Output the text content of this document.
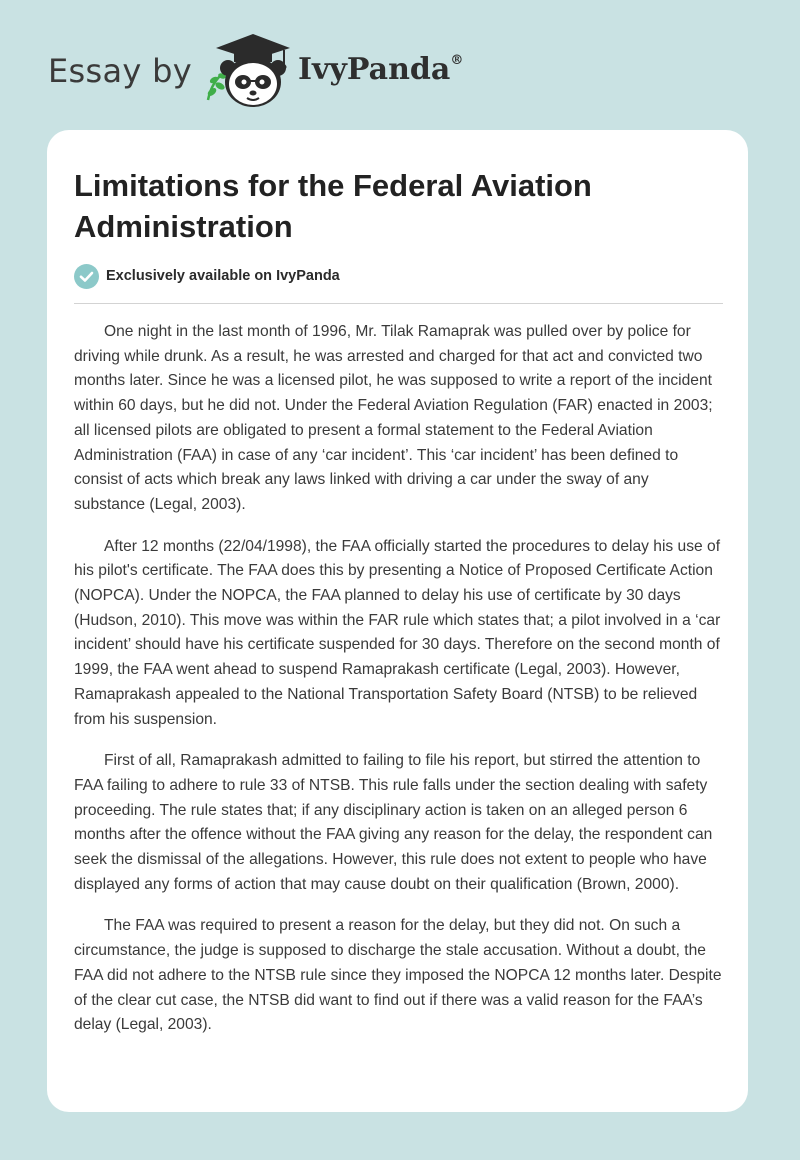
Essay by	IvyPanda®
Limitations for the Federal Aviation Administration
Exclusively available on IvyPanda

One night in the last month of 1996, Mr. Tilak Ramaprak was pulled over by police for driving while drunk. As a result, he was arrested and charged for that act and convicted two months later. Since he was a licensed pilot, he was supposed to write a report of the incident within 60 days, but he did not. Under the Federal Aviation Regulation (FAR) enacted in 2003; all licensed pilots are obligated to present a formal statement to the Federal Aviation Administration (FAA) in case of any ‘car incident’. This ‘car incident’ has been defined to consist of acts which break any laws linked with driving a car under the sway of any substance (Legal, 2003).

After 12 months (22/04/1998), the FAA officially started the procedures to delay his use of his pilot's certificate. The FAA does this by presenting a Notice of Proposed Certificate Action (NOPCA). Under the NOPCA, the FAA planned to delay his use of certificate by 30 days (Hudson, 2010). This move was within the FAR rule which states that; a pilot involved in a ‘car incident’ should have his certificate suspended for 30 days. Therefore on the second month of 1999, the FAA went ahead to suspend Ramaprakash certificate (Legal, 2003). However, Ramaprakash appealed to the National Transportation Safety Board (NTSB) to be relieved from his suspension.

First of all, Ramaprakash admitted to failing to file his report, but stirred the attention to FAA failing to adhere to rule 33 of NTSB. This rule falls under the section dealing with safety proceeding. The rule states that; if any disciplinary action is taken on an alleged person 6 months after the offence without the FAA giving any reason for the delay, the respondent can seek the dismissal of the allegations. However, this rule does not extent to people who have displayed any forms of action that may cause doubt on their qualification (Brown, 2000).

The FAA was required to present a reason for the delay, but they did not. On such a circumstance, the judge is supposed to discharge the stale accusation. Without a doubt, the FAA did not adhere to the NTSB rule since they imposed the NOPCA 12 months later. Despite of the clear cut case, the NTSB did want to find out if there was a valid reason for the FAA’s delay (Legal, 2003).
